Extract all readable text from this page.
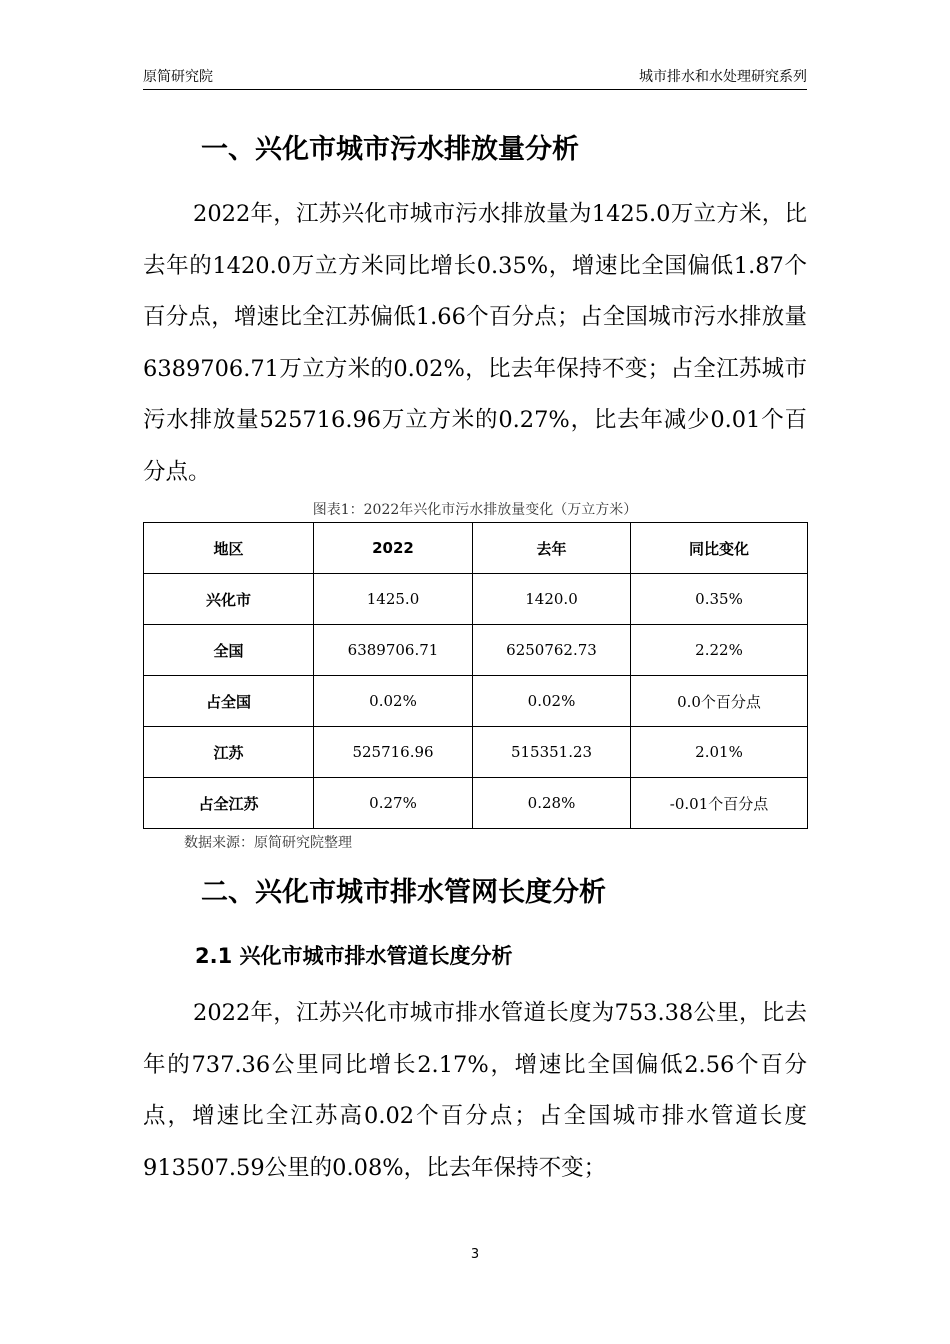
原简研究院	城市排水和水处理研究系列
一、兴化市城市污水排放量分析

2022年，江苏兴化市城市污水排放量为1425.0万立方米，比去年的1420.0万立方米同比增长0.35%，增速比全国偏低1.87个百分点，增速比全江苏偏低1.66个百分点；占全国城市污水排放量6389706.71万立方米的0.02%，比去年保持不变；占全江苏城市污水排放量525716.96万立方米的0.27%，比去年减少0.01个百分点。

图表1：2022年兴化市污水排放量变化（万立方米）
地区	2022	去年	同比变化
兴化市	1425.0	1420.0	0.35%
全国	6389706.71	6250762.73	2.22%
占全国	0.02%	0.02%	0.0个百分点
江苏	525716.96	515351.23	2.01%
占全江苏	0.27%	0.28%	-0.01个百分点
数据来源：原简研究院整理
二、兴化市城市排水管网长度分析
2.1 兴化市城市排水管道长度分析

2022年，江苏兴化市城市排水管道长度为753.38公里，比去年的737.36公里同比增长2.17%，增速比全国偏低2.56个百分点，增速比全江苏高0.02个百分点；占全国城市排水管道长度913507.59公里的0.08%，比去年保持不变；

3
